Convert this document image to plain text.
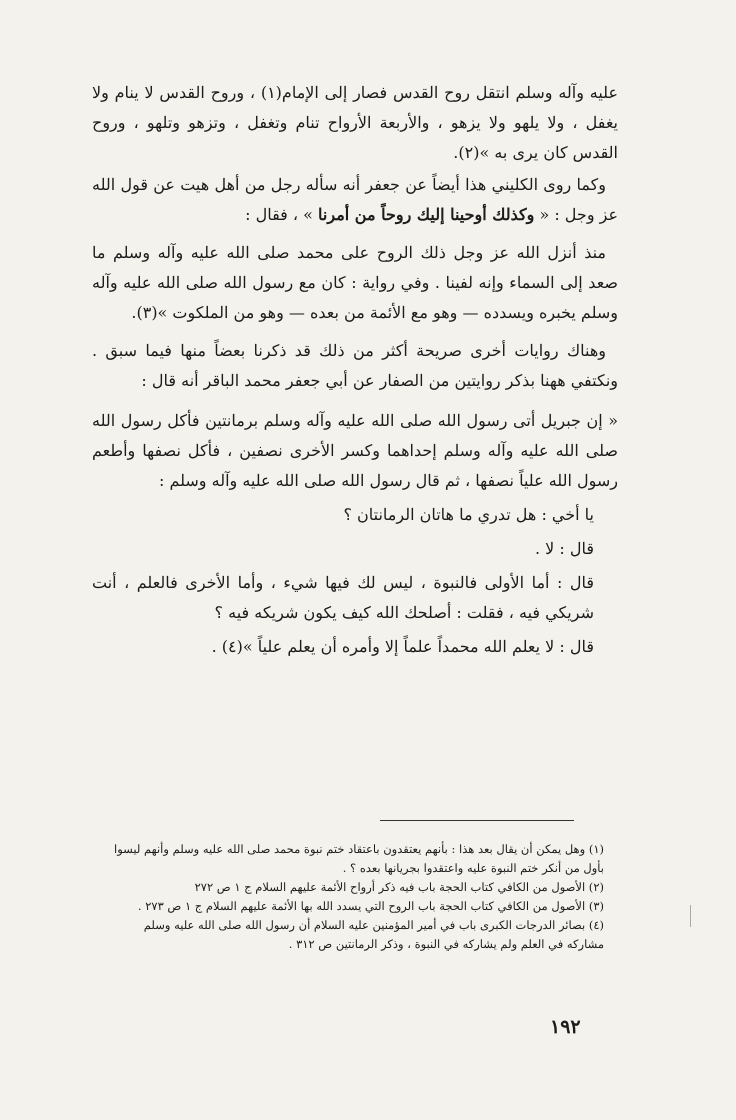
عليه وآله وسلم انتقل روح القدس فصار إلى الإمام(١) ، وروح القدس لا ينام ولا يغفل ، ولا يلهو ولا يزهو ، والأربعة الأرواح تنام وتغفل ، وتزهو وتلهو ، وروح القدس كان يرى به »(٢).

وكما روى الكليني هذا أيضاً عن جعفر أنه سأله رجل من أهل هيت عن قول الله عز وجل : « وكذلك أوحينا إليك روحاً من أمرنا » ، فقال :

منذ أنزل الله عز وجل ذلك الروح على محمد صلى الله عليه وآله وسلم ما صعد إلى السماء وإنه لفينا . وفي رواية : كان مع رسول الله صلى الله عليه وآله وسلم يخبره ويسدده — وهو مع الأئمة من بعده — وهو من الملكوت »(٣).

وهناك روايات أخرى صريحة أكثر من ذلك قد ذكرنا بعضاً منها فيما سبق . ونكتفي ههنا بذكر روايتين من الصفار عن أبي جعفر محمد الباقر أنه قال :

« إن جبريل أتى رسول الله صلى الله عليه وآله وسلم برمانتين فأكل رسول الله صلى الله عليه وآله وسلم إحداهما وكسر الأخرى نصفين ، فأكل نصفها وأطعم رسول الله علياً نصفها ، ثم قال رسول الله صلى الله عليه وآله وسلم :

يا أخي : هل تدري ما هاتان الرمانتان ؟

قال : لا .

قال : أما الأولى فالنبوة ، ليس لك فيها شيء ، وأما الأخرى فالعلم ، أنت شريكي فيه ، فقلت : أصلحك الله كيف يكون شريكه فيه ؟

قال : لا يعلم الله محمداً علماً إلا وأمره أن يعلم علياً »(٤) .

(١) وهل يمكن أن يقال بعد هذا : بأنهم يعتقدون باعتقاد ختم نبوة محمد صلى الله عليه وسلم وأنهم ليسوا بأول من أنكر ختم النبوة عليه واعتقدوا بجريانها بعده ؟ .

(٢) الأصول من الكافي كتاب الحجة باب فيه ذكر أرواح الأئمة عليهم السلام ج ١ ص ٢٧٢

(٣) الأصول من الكافي كتاب الحجة باب الروح التي يسدد الله بها الأئمة عليهم السلام ج ١ ص ٢٧٣ .

(٤) بصائر الدرجات الكبرى باب في أمير المؤمنين عليه السلام أن رسول الله صلى الله عليه وسلم مشاركه في العلم ولم يشاركه في النبوة ، وذكر الرمانتين ص ٣١٢ .

١٩٢
